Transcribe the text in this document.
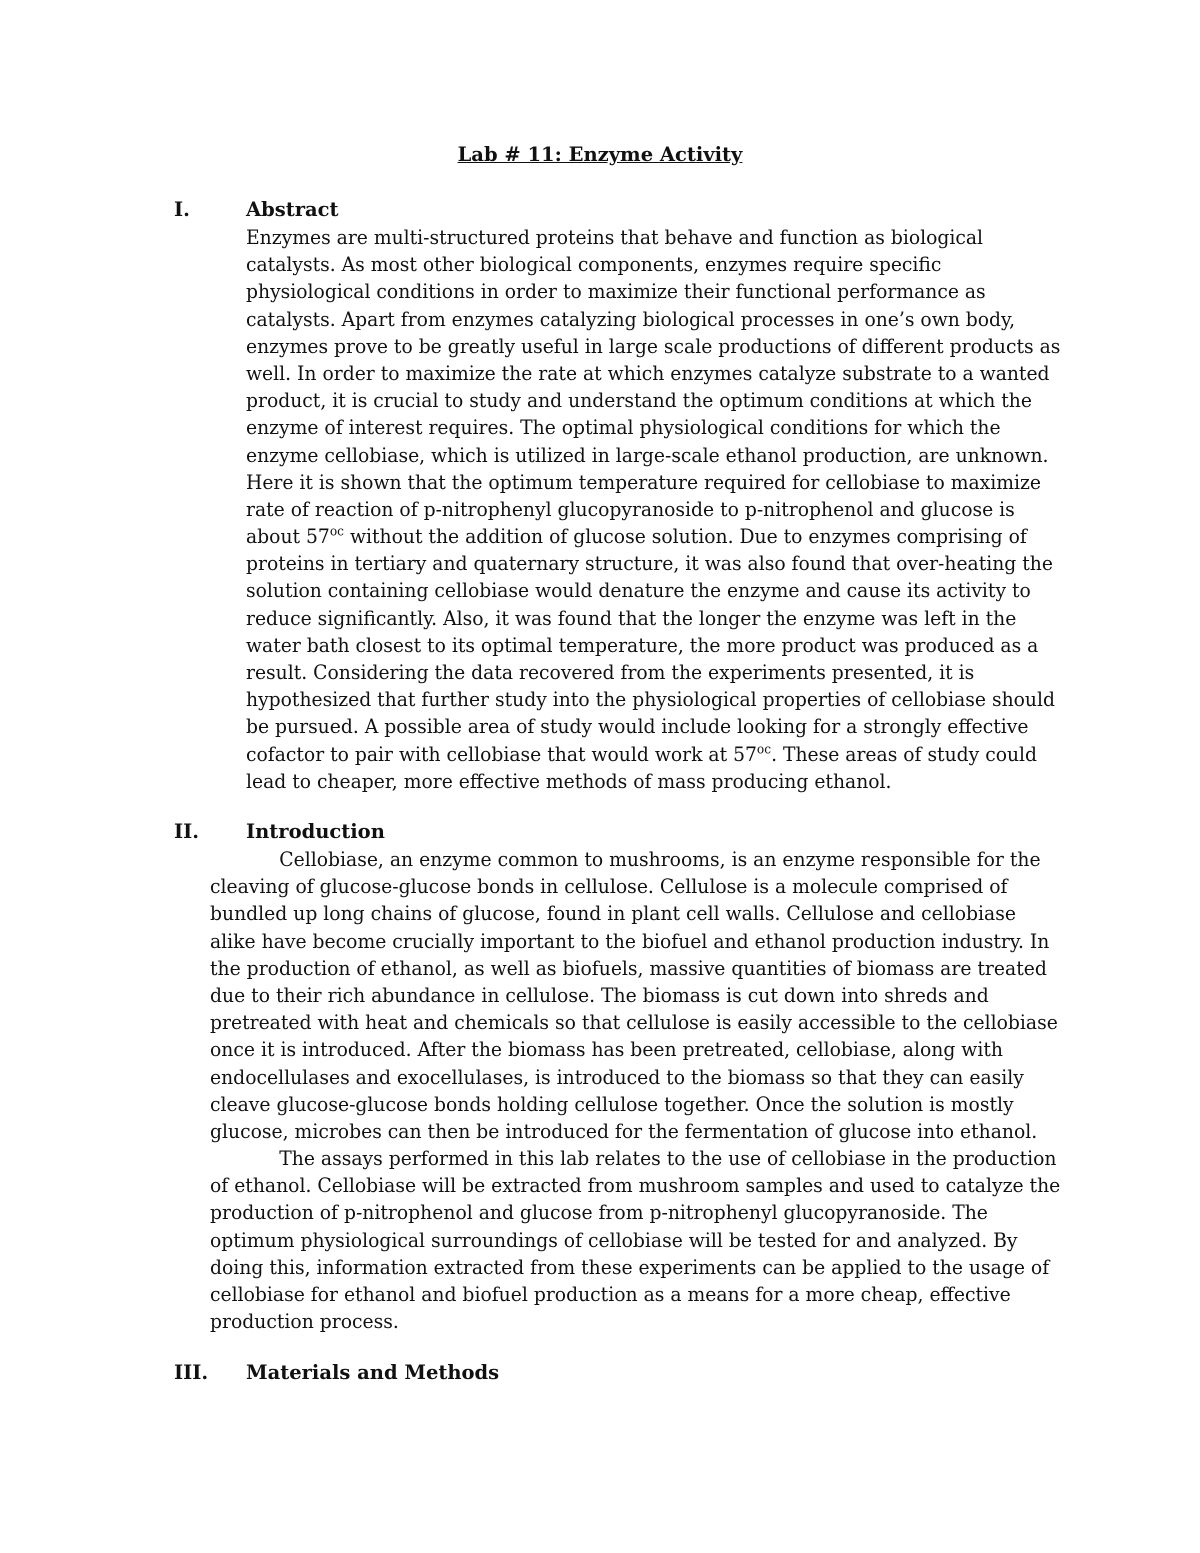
Lab # 11: Enzyme Activity
I.	Abstract
Enzymes are multi-structured proteins that behave and function as biological
catalysts. As most other biological components, enzymes require specific
physiological conditions in order to maximize their functional performance as
catalysts. Apart from enzymes catalyzing biological processes in one’s own body,
enzymes prove to be greatly useful in large scale productions of different products as
well. In order to maximize the rate at which enzymes catalyze substrate to a wanted
product, it is crucial to study and understand the optimum conditions at which the
enzyme of interest requires. The optimal physiological conditions for which the
enzyme cellobiase, which is utilized in large-scale ethanol production, are unknown.
Here it is shown that the optimum temperature required for cellobiase to maximize
rate of reaction of p-nitrophenyl glucopyranoside to p-nitrophenol and glucose is
about $57^{oc}$ without the addition of glucose solution. Due to enzymes comprising of
proteins in tertiary and quaternary structure, it was also found that over-heating the
solution containing cellobiase would denature the enzyme and cause its activity to
reduce significantly. Also, it was found that the longer the enzyme was left in the
water bath closest to its optimal temperature, the more product was produced as a
result. Considering the data recovered from the experiments presented, it is
hypothesized that further study into the physiological properties of cellobiase should
be pursued. A possible area of study would include looking for a strongly effective
cofactor to pair with cellobiase that would work at $57^{oc}$. These areas of study could
lead to cheaper, more effective methods of mass producing ethanol.
II. Introduction
Cellobiase, an enzyme common to mushrooms, is an enzyme responsible for the
cleaving of glucose-glucose bonds in cellulose. Cellulose is a molecule comprised of
bundled up long chains of glucose, found in plant cell walls. Cellulose and cellobiase
alike have become crucially important to the biofuel and ethanol production industry. In
the production of ethanol, as well as biofuels, massive quantities of biomass are treated
due to their rich abundance in cellulose. The biomass is cut down into shreds and
pretreated with heat and chemicals so that cellulose is easily accessible to the cellobiase
once it is introduced. After the biomass has been pretreated, cellobiase, along with
endocellulases and exocellulases, is introduced to the biomass so that they can easily
cleave glucose-glucose bonds holding cellulose together. Once the solution is mostly
glucose, microbes can then be introduced for the fermentation of glucose into ethanol.
The assays performed in this lab relates to the use of cellobiase in the production
of ethanol. Cellobiase will be extracted from mushroom samples and used to catalyze the
production of p-nitrophenol and glucose from p-nitrophenyl glucopyranoside. The
optimum physiological surroundings of cellobiase will be tested for and analyzed. By
doing this, information extracted from these experiments can be applied to the usage of
cellobiase for ethanol and biofuel production as a means for a more cheap, effective
production process.
III. Materials and Methods
